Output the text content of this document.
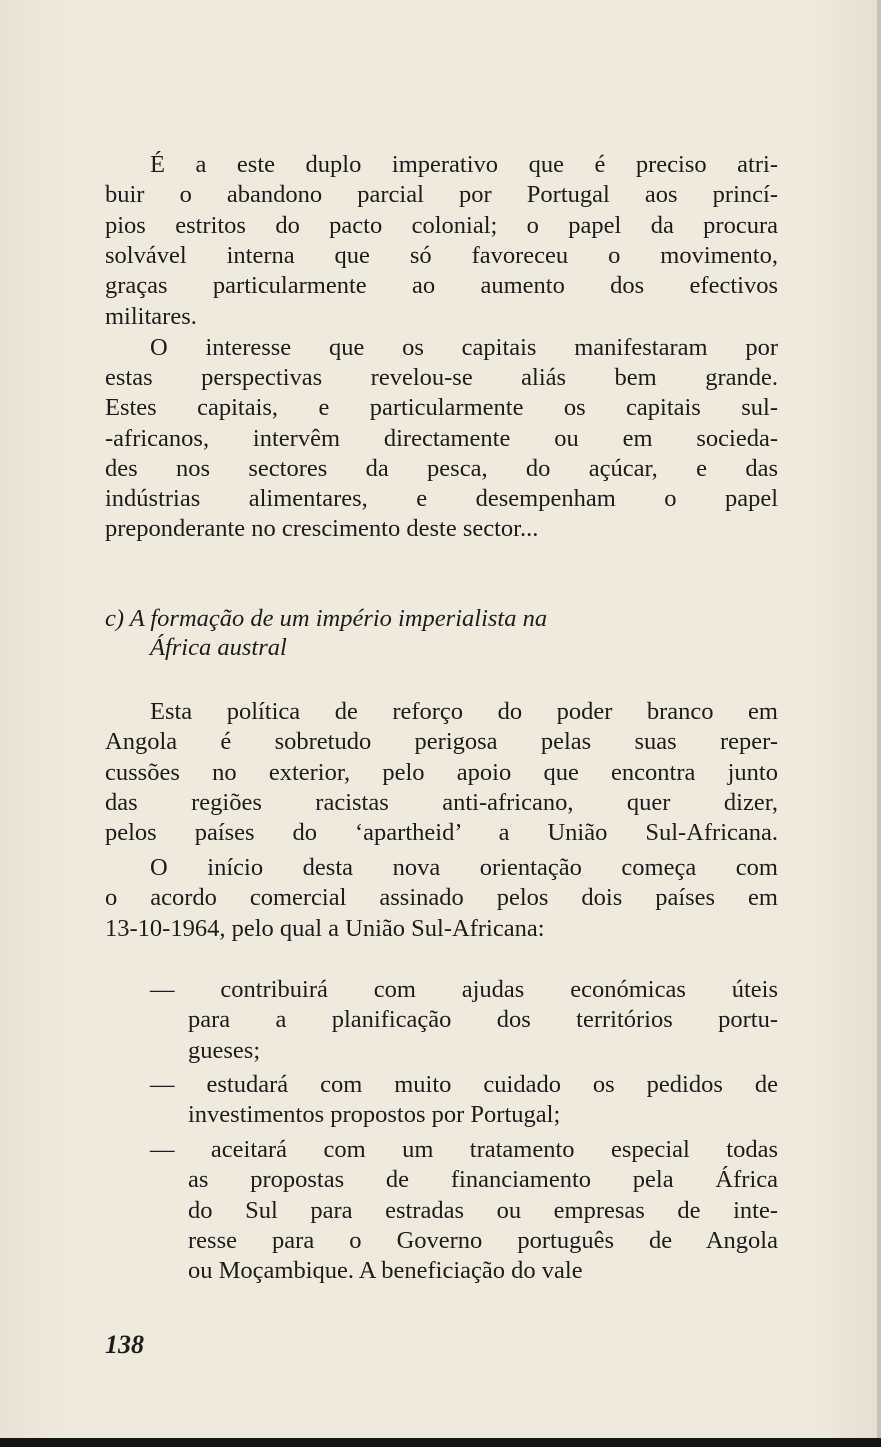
É a este duplo imperativo que é preciso atri-
buir o abandono parcial por Portugal aos princí-
pios estritos do pacto colonial; o papel da procura
solvável interna que só favoreceu o movimento,
graças particularmente ao aumento dos efectivos
militares.
O interesse que os capitais manifestaram por
estas perspectivas revelou-se aliás bem grande.
Estes capitais, e particularmente os capitais sul-
-africanos, intervêm directamente ou em socieda-
des nos sectores da pesca, do açúcar, e das
indústrias alimentares, e desempenham o papel
preponderante no crescimento deste sector...
c) A formação de um império imperialista na
África austral
Esta política de reforço do poder branco em
Angola é sobretudo perigosa pelas suas reper-
cussões no exterior, pelo apoio que encontra junto
das regiões racistas anti-africano, quer dizer,
pelos países do ‘apartheid’ a União Sul-Africana.
O início desta nova orientação começa com
o acordo comercial assinado pelos dois países em
13-10-1964, pelo qual a União Sul-Africana:
— contribuirá com ajudas económicas úteis
para a planificação dos territórios portu-
gueses;
— estudará com muito cuidado os pedidos de
investimentos propostos por Portugal;
— aceitará com um tratamento especial todas
as propostas de financiamento pela África
do Sul para estradas ou empresas de inte-
resse para o Governo português de Angola
ou Moçambique. A beneficiação do vale
138
